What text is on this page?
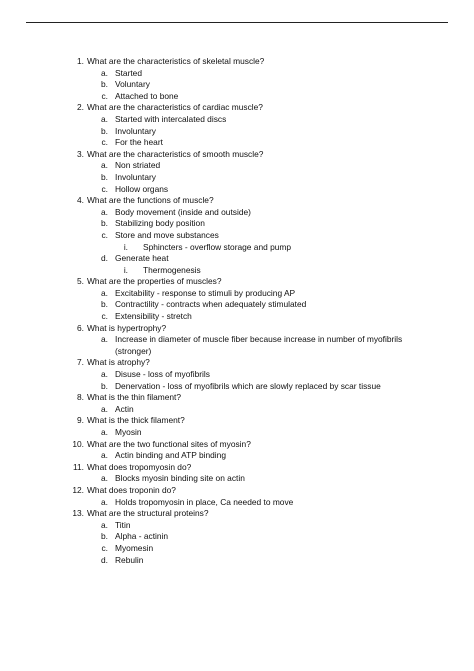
1. What are the characteristics of skeletal muscle?
a. Started
b. Voluntary
c. Attached to bone
2. What are the characteristics of cardiac muscle?
a. Started with intercalated discs
b. Involuntary
c. For the heart
3. What are the characteristics of smooth muscle?
a. Non striated
b. Involuntary
c. Hollow organs
4. What are the functions of muscle?
a. Body movement (inside and outside)
b. Stabilizing body position
c. Store and move substances
i. Sphincters - overflow storage and pump
d. Generate heat
i. Thermogenesis
5. What are the properties of muscles?
a. Excitability - response to stimuli by producing AP
b. Contractility - contracts when adequately stimulated
c. Extensibility - stretch
6. What is hypertrophy?
a. Increase in diameter of muscle fiber because increase in number of myofibrils
(stronger)
7. What is atrophy?
a. Disuse - loss of myofibrils
b. Denervation - loss of myofibrils which are slowly replaced by scar tissue
8. What is the thin filament?
a. Actin
9. What is the thick filament?
a. Myosin
10. What are the two functional sites of myosin?
a. Actin binding and ATP binding
11. What does tropomyosin do?
a. Blocks myosin binding site on actin
12. What does troponin do?
a. Holds tropomyosin in place, Ca needed to move
13. What are the structural proteins?
a. Titin
b. Alpha - actinin
c. Myomesin
d. Rebulin
